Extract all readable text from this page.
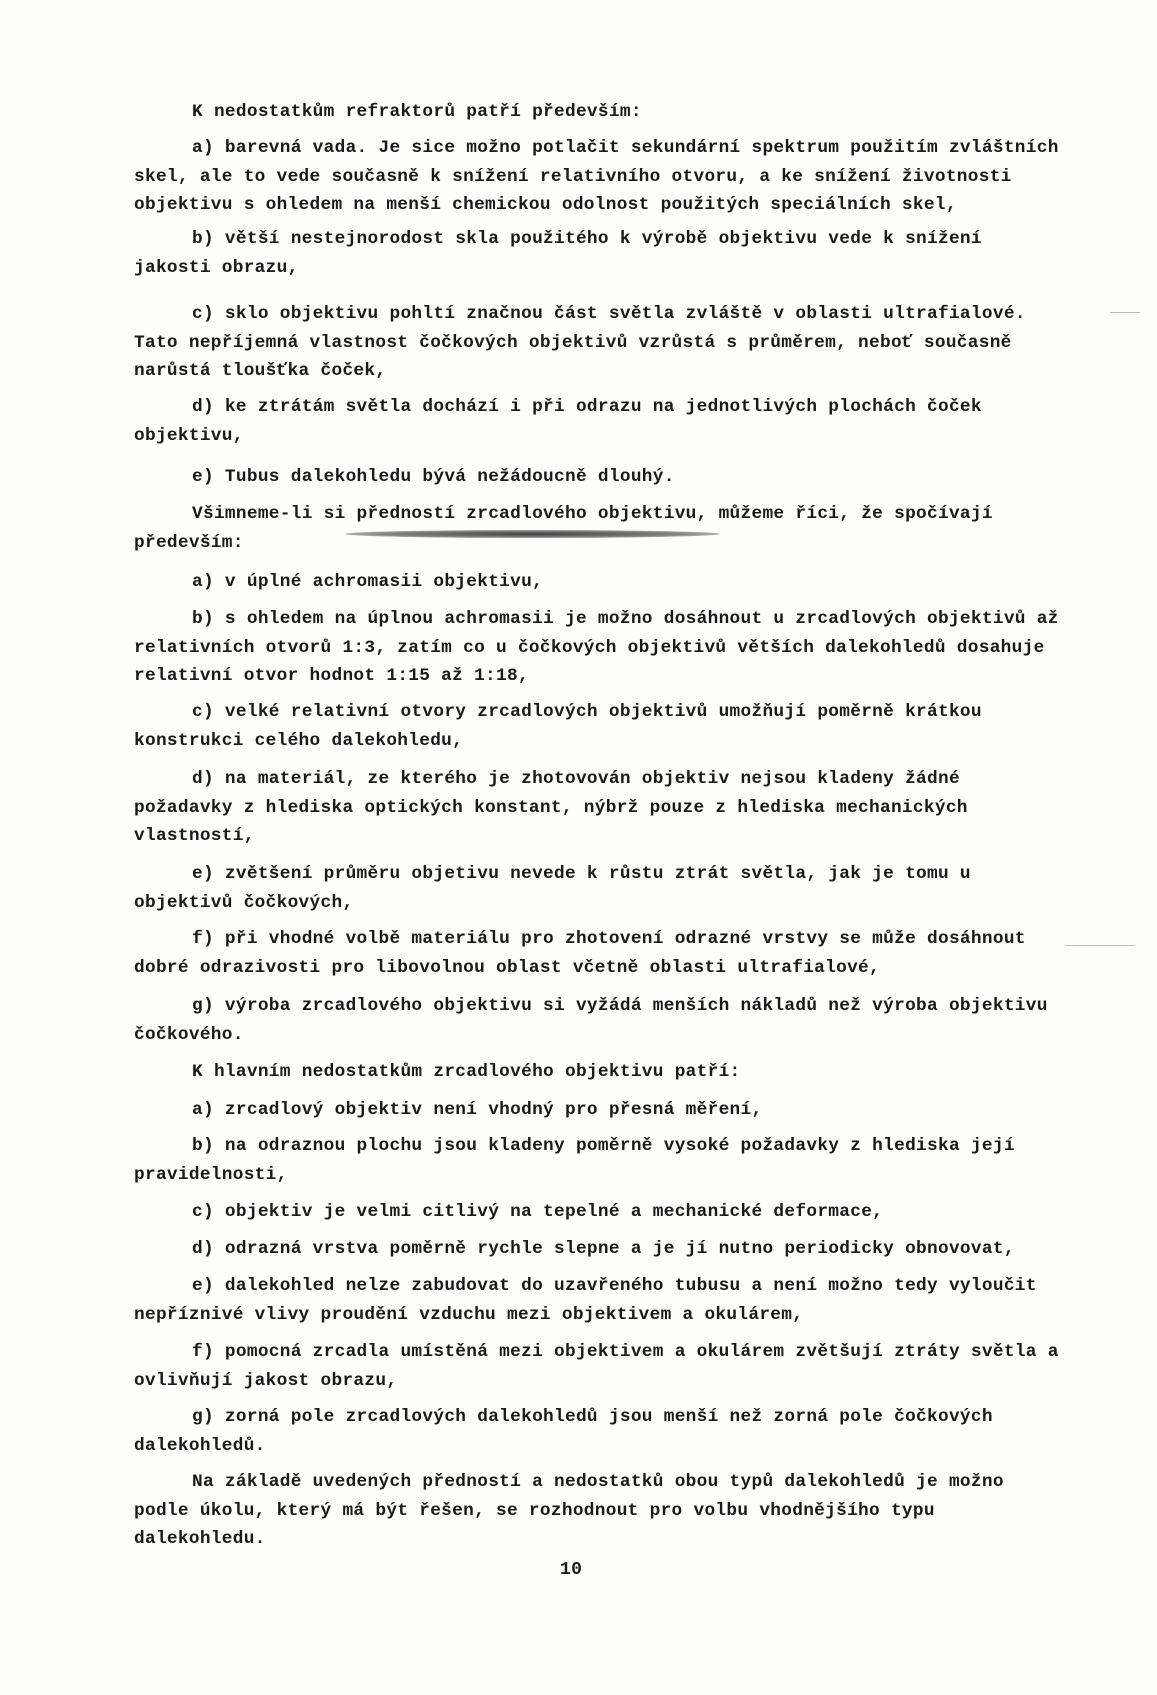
K nedostatkům refraktorů patří především:
a) barevná vada. Je sice možno potlačit sekundární spektrum použitím zvláštních skel, ale to vede současně k snížení relativního otvoru, a ke snížení životnosti objektivu s ohledem na menší chemickou odolnost použitých speciálních skel,
b) větší nestejnorodost skla použitého k výrobě objektivu vede k snížení jakosti obrazu,
c) sklo objektivu pohltí značnou část světla zvláště v oblasti ultrafialové. Tato nepříjemná vlastnost čočkových objektivů vzrůstá s průměrem, neboť současně narůstá tloušťka čoček,
d) ke ztrátám světla dochází i při odrazu na jednotlivých plochách čoček objektivu,
e) Tubus dalekohledu bývá nežádoucně dlouhý.
Všimneme-li si předností zrcadlového objektivu, můžeme říci, že spočívají především:
a) v úplné achromasii objektivu,
b) s ohledem na úplnou achromasii je možno dosáhnout u zrcadlových objektivů až relativních otvorů 1:3, zatím co u čočkových objektivů větších dalekohledů dosahuje relativní otvor hodnot 1:15 až 1:18,
c) velké relativní otvory zrcadlových objektivů umožňují poměrně krátkou konstrukci celého dalekohledu,
d) na materiál, ze kterého je zhotovován objektiv nejsou kladeny žádné požadavky z hlediska optických konstant, nýbrž pouze z hlediska mechanických vlastností,
e) zvětšení průměru objetivu nevede k růstu ztrát světla, jak je tomu u objektivů čočkových,
f) při vhodné volbě materiálu pro zhotovení odrazné vrstvy se může dosáhnout dobré odrazivosti pro libovolnou oblast včetně oblasti ultrafialové,
g) výroba zrcadlového objektivu si vyžádá menších nákladů než výroba objektivu čočkového.
K hlavním nedostatkům zrcadlového objektivu patří:
a) zrcadlový objektiv není vhodný pro přesná měření,
b) na odraznou plochu jsou kladeny poměrně vysoké požadavky z hlediska její pravidelnosti,
c) objektiv je velmi citlivý na tepelné a mechanické deformace,
d) odrazná vrstva poměrně rychle slepne a je jí nutno periodicky obnovovat,
e) dalekohled nelze zabudovat do uzavřeného tubusu a není možno tedy vyloučit nepříznivé vlivy proudění vzduchu mezi objektivem a okulárem,
f) pomocná zrcadla umístěná mezi objektivem a okulárem zvětšují ztráty světla a ovlivňují jakost obrazu,
g) zorná pole zrcadlových dalekohledů jsou menší než zorná pole čočkových dalekohledů.
Na základě uvedených předností a nedostatků obou typů dalekohledů je možno podle úkolu, který má být řešen, se rozhodnout pro volbu vhodnějšího typu dalekohledu.
10
